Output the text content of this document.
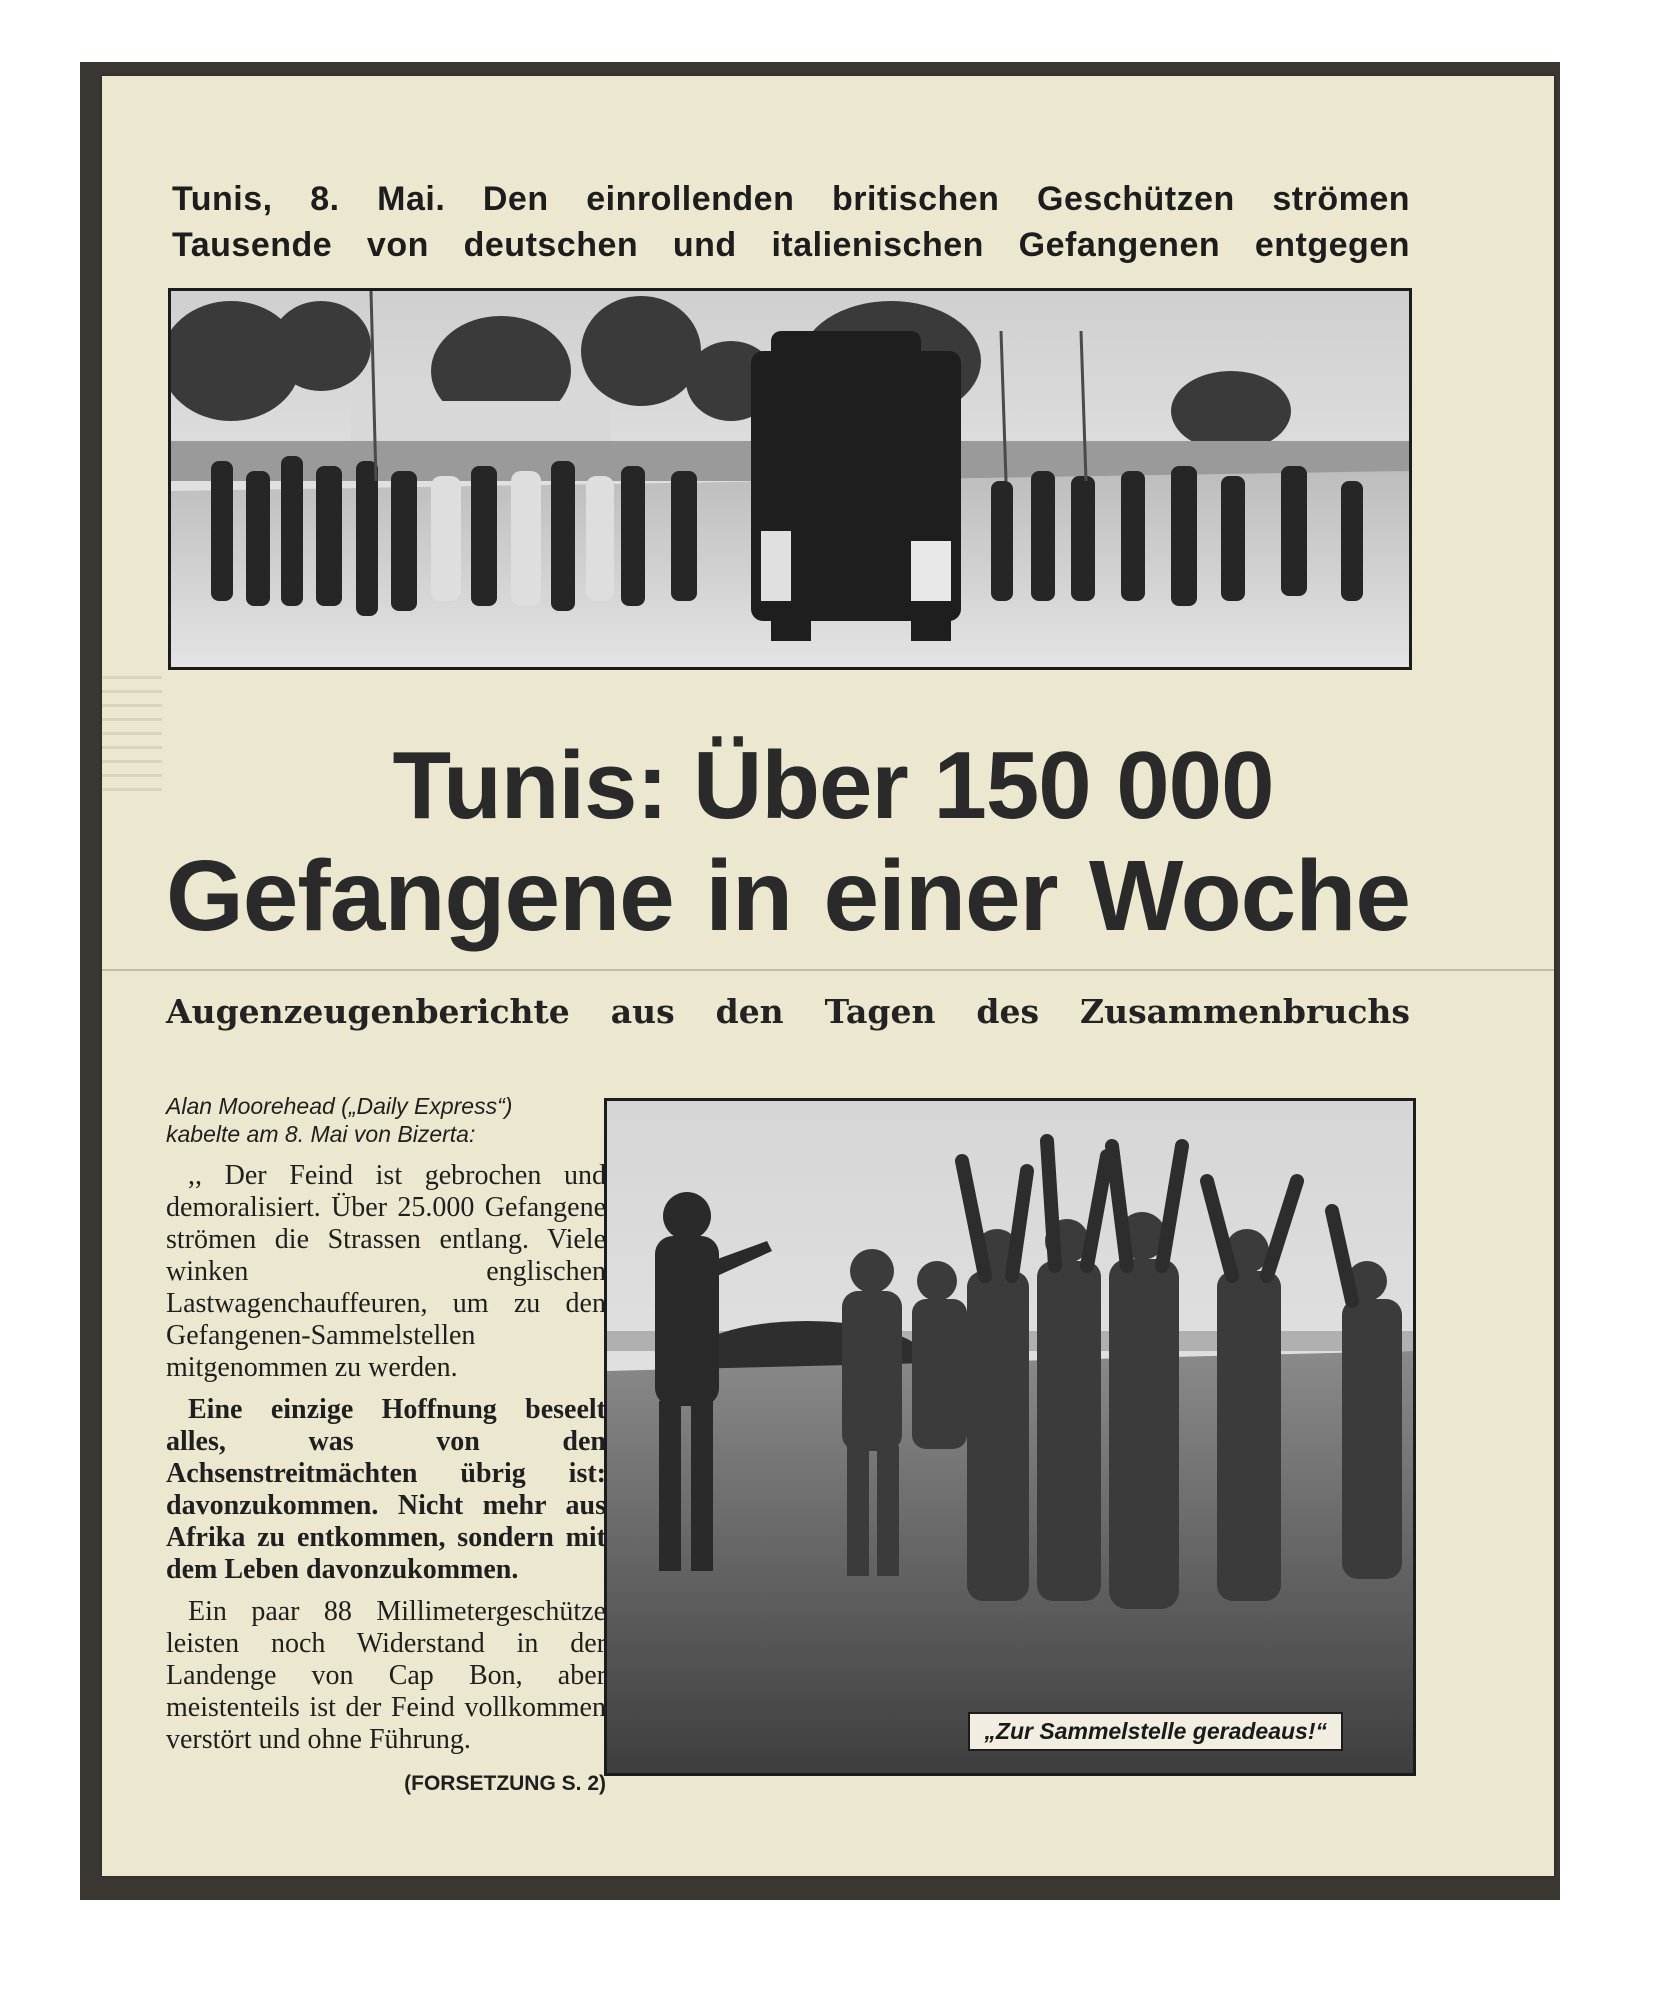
Tunis, 8. Mai. Den einrollenden britischen Geschützen strömen
Tausende von deutschen und italienischen Gefangenen entgegen
Tunis: Über 150 000
Gefangene in einer Woche
Augenzeugenberichte aus den Tagen des Zusammenbruchs
Alan Moorehead („Daily Express“)
kabelte am 8. Mai von Bizerta:

,, Der Feind ist gebrochen und demoralisiert. Über 25.000 Gefangene strömen die Strassen entlang. Viele winken englischen Lastwagenchauffeuren, um zu den Gefangenen-Sammelstellen mitgenommen zu werden.

Eine einzige Hoffnung beseelt alles, was von den Achsenstreitmächten übrig ist: davonzukommen. Nicht mehr aus Afrika zu entkommen, sondern mit dem Leben davonzukommen.

Ein paar 88 Millimetergeschütze leisten noch Widerstand in der Landenge von Cap Bon, aber meistenteils ist der Feind vollkommen verstört und ohne Führung.

(FORSETZUNG S. 2)
„Zur Sammelstelle geradeaus!“
